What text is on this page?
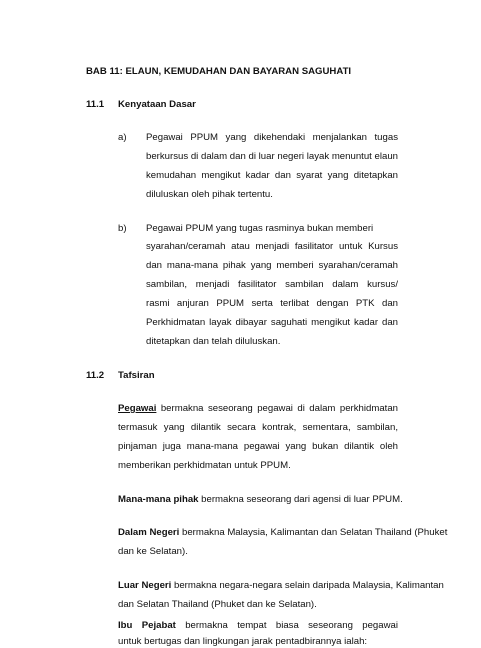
BAB 11: ELAUN, KEMUDAHAN DAN BAYARAN SAGUHATI
11.1 Kenyataan Dasar
a) Pegawai PPUM yang dikehendaki menjalankan tugas
berkursus di dalam dan di luar negeri layak menuntut elaun
kemudahan mengikut kadar dan syarat yang ditetapkan
diluluskan oleh pihak tertentu.
b) Pegawai PPUM yang tugas rasminya bukan memberi
syarahan/ceramah atau menjadi fasilitator untuk Kursus
dan mana-mana pihak yang memberi syarahan/ceramah
sambilan, menjadi fasilitator sambilan dalam kursus/
rasmi anjuran PPUM serta terlibat dengan PTK dan
Perkhidmatan layak dibayar saguhati mengikut kadar dan
ditetapkan dan telah diluluskan.
11.2 Tafsiran
Pegawai bermakna seseorang pegawai di dalam perkhidmatan
termasuk yang dilantik secara kontrak, sementara, sambilan,
pinjaman juga mana-mana pegawai yang bukan dilantik oleh
memberikan perkhidmatan untuk PPUM.
Mana-mana pihak bermakna seseorang dari agensi di luar PPUM.
Dalam Negeri bermakna Malaysia, Kalimantan dan Selatan Thailand (Phuket
dan ke Selatan).
Luar Negeri bermakna negara-negara selain daripada Malaysia, Kalimantan
dan Selatan Thailand (Phuket dan ke Selatan).
Ibu Pejabat bermakna tempat biasa seseorang pegawai
untuk bertugas dan lingkungan jarak pentadbirannya ialah:
